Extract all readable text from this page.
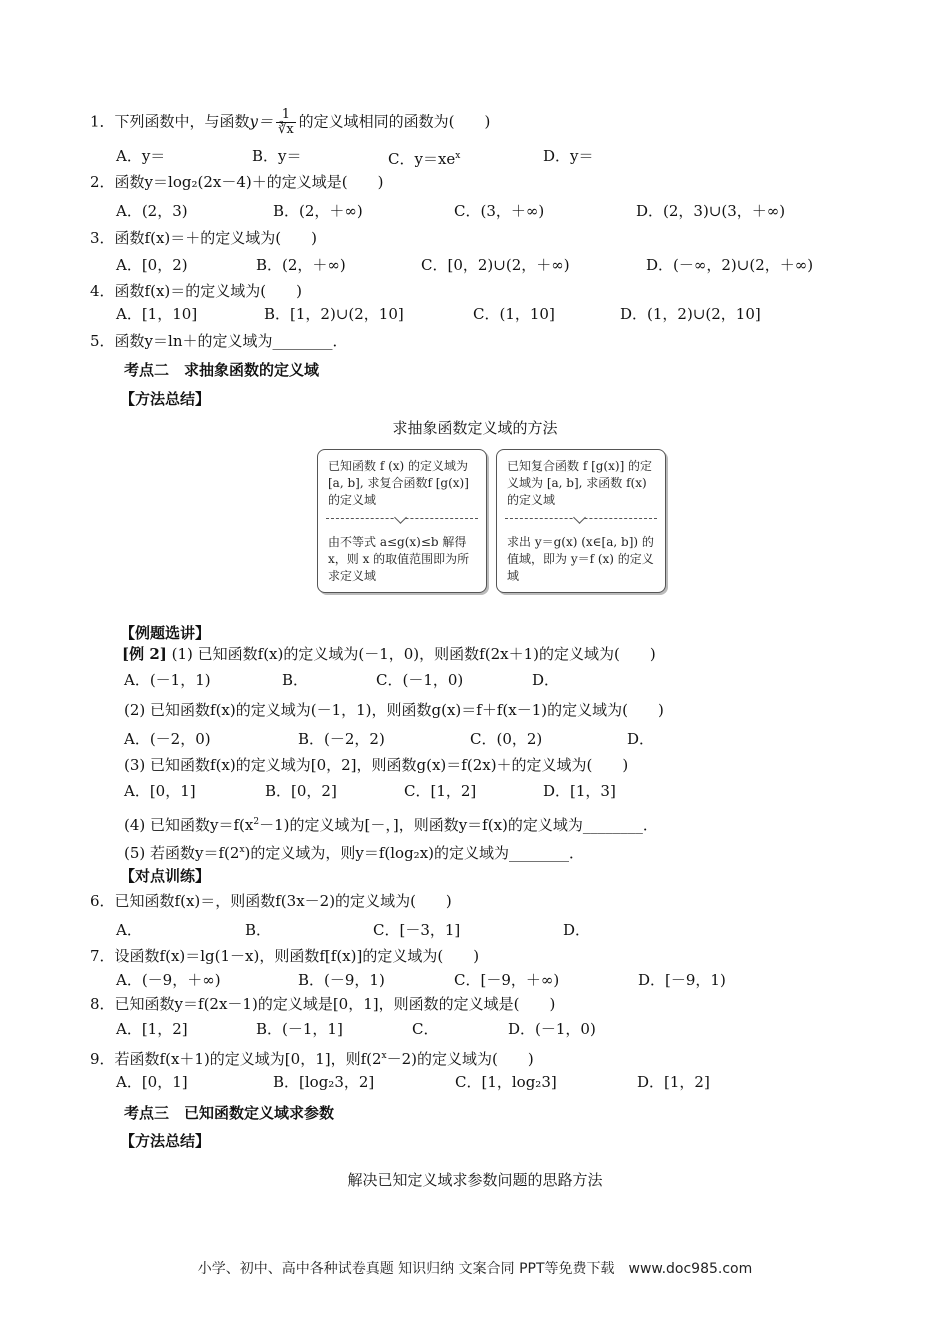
1．下列函数中，与函数$y= \frac{1}{∛x}$ 的定义域相同的函数为(　　)
A．y＝	B．y＝	C．$y=xe^x$	D．y＝
2．函数y＝log₂(2x－4)＋的定义域是(　　)
A．(2，3)	B．(2，＋∞)	C．(3，＋∞)	D．(2，3)∪(3，＋∞)
3．函数f(x)＝＋的定义域为(　　)
A．[0，2)	B．(2，＋∞)	C．[0，2)∪(2，＋∞)	D．(－∞，2)∪(2，＋∞)
4．函数f(x)＝的定义域为(　　)
A．[1，10]	B．[1，2)∪(2，10]	C．(1，10]	D．(1，2)∪(2，10]
5．函数y＝ln＋的定义域为________．
考点二　求抽象函数的定义域
【方法总结】
求抽象函数定义域的方法
已知函数 f (x) 的定义域为[a, b], 求复合函数f [g(x)]的定义域
由不等式 a≤g(x)≤b 解得 x，则 x 的取值范围即为所求定义域
已知复合函数 f [g(x)] 的定义域为 [a, b], 求函数 f(x) 的定义域
求出 y＝g(x) (x∈[a, b]) 的值域，即为 y＝f (x) 的定义域
【例题选讲】
[例 2] (1) 已知函数f(x)的定义域为(－1，0)，则函数f(2x＋1)的定义域为(　　)
A．(－1，1)	B．	C．(－1，0)	D．
(2) 已知函数f(x)的定义域为(－1，1)，则函数g(x)＝f＋f(x－1)的定义域为(　　)
A．(－2，0)	B．(－2，2)	C．(0，2)	D．
(3) 已知函数f(x)的定义域为[0，2]，则函数g(x)＝f(2x)＋的定义域为(　　)
A．[0，1]	B．[0，2]	C．[1，2]	D．[1，3]
(4) 已知函数$y=f(x^2-1)$的定义域为[－，]，则函数y＝f(x)的定义域为________．
(5) 若函数$y=f(2^x)$的定义域为，则y＝f(log₂x)的定义域为________．
【对点训练】
6．已知函数f(x)＝，则函数f(3x－2)的定义域为(　　)
A．	B．	C．[－3，1]	D．
7．设函数f(x)＝lg(1－x)，则函数f[f(x)]的定义域为(　　)
A．(－9，＋∞)	B．(－9，1)	C．[－9，＋∞)	D．[－9，1)
8．已知函数y＝f(2x－1)的定义域是[0，1]，则函数的定义域是(　　)
A．[1，2]	B．(－1，1]	C．	D．(－1，0)
9．若函数f(x＋1)的定义域为[0，1]，则$f(2^x-2)$的定义域为(　　)
A．[0，1]	B．[log₂3，2]	C．[1，log₂3]	D．[1，2]
考点三　已知函数定义域求参数
【方法总结】
解决已知定义域求参数问题的思路方法
小学、初中、高中各种试卷真题 知识归纳 文案合同 PPT等免费下载　www.doc985.com
